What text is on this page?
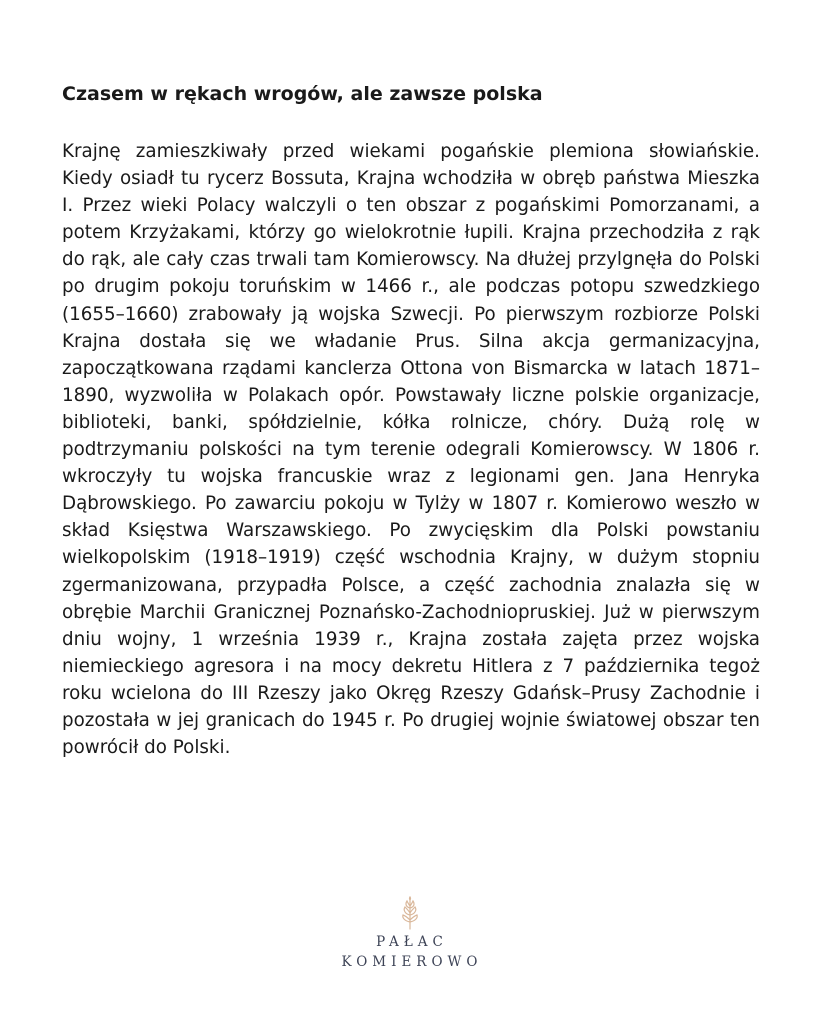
Czasem w rękach wrogów, ale zawsze polska

Krajnę zamieszkiwały przed wiekami pogańskie plemiona słowiańskie. Kiedy osiadł tu rycerz Bossuta, Krajna wchodziła w obręb państwa Mieszka I. Przez wieki Polacy walczyli o ten obszar z pogańskimi Pomorzanami, a potem Krzyżakami, którzy go wielokrotnie łupili. Krajna przechodziła z rąk do rąk, ale cały czas trwali tam Komierowscy. Na dłużej przylgnęła do Polski po drugim pokoju toruńskim w 1466 r., ale podczas potopu szwedzkiego (1655–1660) zrabowały ją wojska Szwecji. Po pierwszym rozbiorze Polski Krajna dostała się we władanie Prus. Silna akcja germanizacyjna, zapoczątkowana rządami kanclerza Ottona von Bismarcka w latach 1871–1890, wyzwoliła w Polakach opór. Powstawały liczne polskie organizacje, biblioteki, banki, spółdzielnie, kółka rolnicze, chóry. Dużą rolę w podtrzymaniu polskości na tym terenie odegrali Komierowscy. W 1806 r. wkroczyły tu wojska francuskie wraz z legionami gen. Jana Henryka Dąbrowskiego. Po zawarciu pokoju w Tylży w 1807 r. Komierowo weszło w skład Księstwa Warszawskiego. Po zwycięskim dla Polski powstaniu wielkopolskim (1918–1919) część wschodnia Krajny, w dużym stopniu zgermanizowana, przypadła Polsce, a część zachodnia znalazła się w obrębie Marchii Granicznej Poznańsko-Zachodniopruskiej. Już w pierwszym dniu wojny, 1 września 1939 r., Krajna została zajęta przez wojska niemieckiego agresora i na mocy dekretu Hitlera z 7 października tegoż roku wcielona do III Rzeszy jako Okręg Rzeszy Gdańsk–Prusy Zachodnie i pozostała w jej granicach do 1945 r. Po drugiej wojnie światowej obszar ten powrócił do Polski.

PAŁAC
KOMIEROWO
